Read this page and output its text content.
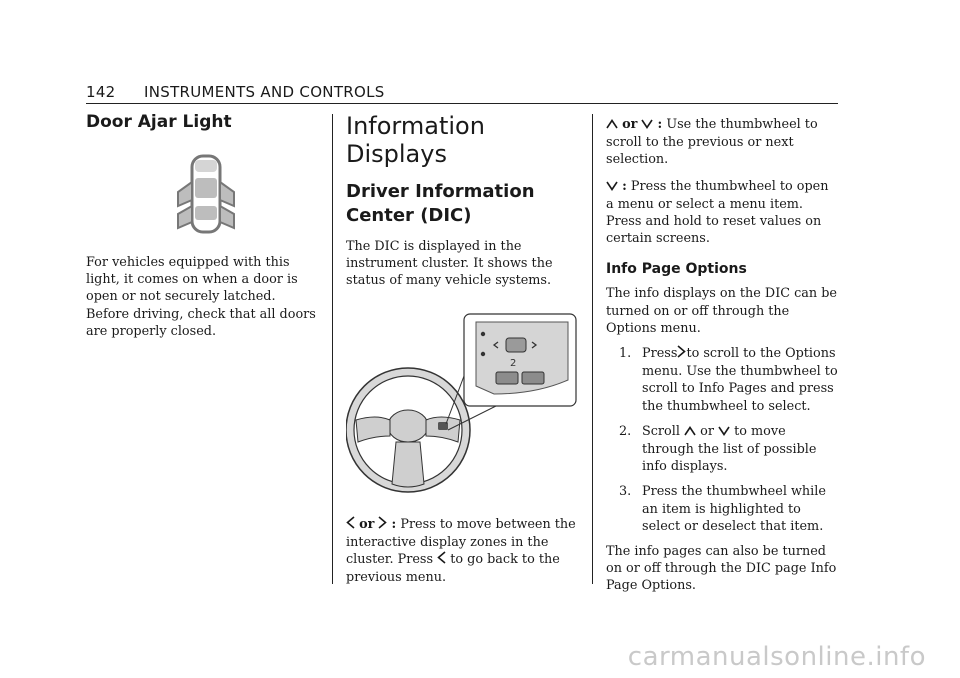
142 INSTRUMENTS AND CONTROLS
Door Ajar Light

For vehicles equipped with this light, it comes on when a door is open or not securely latched. Before driving, check that all doors are properly closed.

Information Displays
Driver Information Center (DIC)

The DIC is displayed in the instrument cluster. It shows the status of many vehicle systems.

2

or : Press to move between the interactive display zones in the cluster. Press to go back to the previous menu.

or : Use the thumbwheel to scroll to the previous or next selection.

: Press the thumbwheel to open a menu or select a menu item. Press and hold to reset values on certain screens.

Info Page Options

The info displays on the DIC can be turned on or off through the Options menu.

1. Press to scroll to the Options menu. Use the thumbwheel to scroll to Info Pages and press the thumbwheel to select.
2. Scroll or to move through the list of possible info displays.
3. Press the thumbwheel while an item is highlighted to select or deselect that item.

The info pages can also be turned on or off through the DIC page Info Page Options.

carmanualsonline.info
